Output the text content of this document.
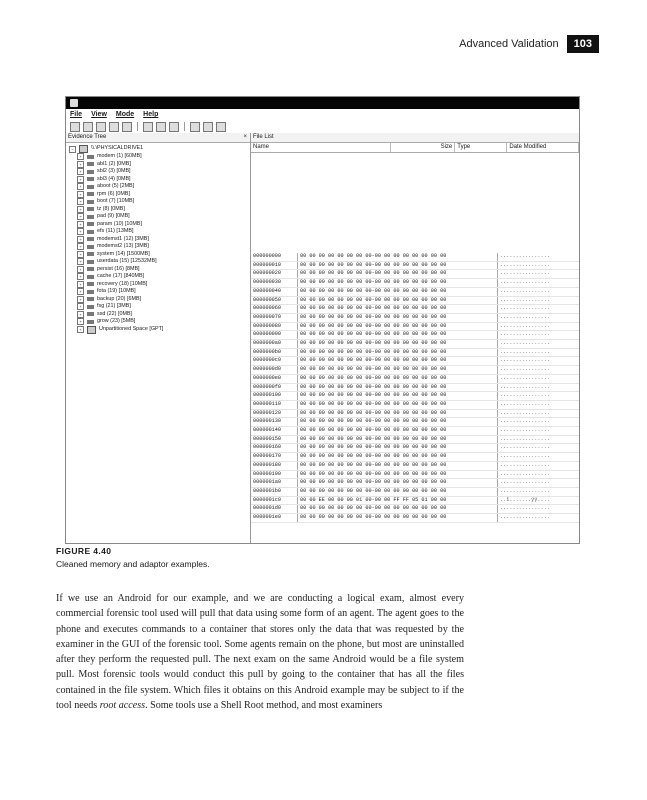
Advanced Validation	103
File View Mode Help
Evidence Tree	×
−	\\.\PHYSICALDRIVE1
+	modem (1) [60MB]
+	abl1 (2) [0MB]
+	sbl2 (3) [0MB]
+	sbl3 (4) [0MB]
+	aboot (5) [2MB]
+	rpm (6) [0MB]
+	boot (7) [10MB]
+	tz (8) [0MB]
+	pad (9) [0MB]
+	param (10) [10MB]
+	efs (11) [13MB]
+	modemst1 (12) [3MB]
+	modemst2 (13) [3MB]
+	system (14) [1500MB]
+	userdata (15) [12532MB]
+	persist (16) [8MB]
+	cache (17) [840MB]
+	recovery (18) [10MB]
+	fota (19) [10MB]
+	backup (20) [6MB]
+	fsg (21) [3MB]
+	ssd (22) [0MB]
+	grow (23) [5MB]
+	Unpartitioned Space [GPT]
File List
Name	Size Type	Date Modified
000000000	00 00 00 00 00 00 00 00-00 00 00 00 00 00 00 00	................
000000010	00 00 00 00 00 00 00 00-00 00 00 00 00 00 00 00	................
000000020	00 00 00 00 00 00 00 00-00 00 00 00 00 00 00 00	................
000000030	00 00 00 00 00 00 00 00-00 00 00 00 00 00 00 00	................
000000040	00 00 00 00 00 00 00 00-00 00 00 00 00 00 00 00	................
000000050	00 00 00 00 00 00 00 00-00 00 00 00 00 00 00 00	................
000000060	00 00 00 00 00 00 00 00-00 00 00 00 00 00 00 00	................
000000070	00 00 00 00 00 00 00 00-00 00 00 00 00 00 00 00	................
000000080	00 00 00 00 00 00 00 00-00 00 00 00 00 00 00 00	................
000000090	00 00 00 00 00 00 00 00-00 00 00 00 00 00 00 00	................
0000000a0	00 00 00 00 00 00 00 00-00 00 00 00 00 00 00 00	................
0000000b0	00 00 00 00 00 00 00 00-00 00 00 00 00 00 00 00	................
0000000c0	00 00 00 00 00 00 00 00-00 00 00 00 00 00 00 00	................
0000000d0	00 00 00 00 00 00 00 00-00 00 00 00 00 00 00 00	................
0000000e0	00 00 00 00 00 00 00 00-00 00 00 00 00 00 00 00	................
0000000f0	00 00 00 00 00 00 00 00-00 00 00 00 00 00 00 00	................
000000100	00 00 00 00 00 00 00 00-00 00 00 00 00 00 00 00	................
000000110	00 00 00 00 00 00 00 00-00 00 00 00 00 00 00 00	................
000000120	00 00 00 00 00 00 00 00-00 00 00 00 00 00 00 00	................
000000130	00 00 00 00 00 00 00 00-00 00 00 00 00 00 00 00	................
000000140	00 00 00 00 00 00 00 00-00 00 00 00 00 00 00 00	................
000000150	00 00 00 00 00 00 00 00-00 00 00 00 00 00 00 00	................
000000160	00 00 00 00 00 00 00 00-00 00 00 00 00 00 00 00	................
000000170	00 00 00 00 00 00 00 00-00 00 00 00 00 00 00 00	................
000000180	00 00 00 00 00 00 00 00-00 00 00 00 00 00 00 00	................
000000190	00 00 00 00 00 00 00 00-00 00 00 00 00 00 00 00	................
0000001a0	00 00 00 00 00 00 00 00-00 00 00 00 00 00 00 00	................
0000001b0	00 00 00 00 00 00 00 00-00 00 00 00 00 00 00 00	................
0000001c0	00 00 EE 00 00 00 01 00-00 00 FF FF 05 01 00 00	..î.......ÿÿ....
0000001d0	00 00 00 00 00 00 00 00-00 00 00 00 00 00 00 00	................
0000001e0	00 00 00 00 00 00 00 00-00 00 00 00 00 00 00 00	................
FIGURE 4.40
Cleaned memory and adaptor examples.

If we use an Android for our example, and we are conducting a logical exam, almost every commercial forensic tool used will pull that data using some form of an agent. The agent goes to the phone and executes commands to a container that stores only the data that was requested by the examiner in the GUI of the forensic tool. Some agents remain on the phone, but most are uninstalled after they perform the requested pull. The next exam on the same Android would be a file system pull. Most forensic tools would conduct this pull by going to the container that has all the files contained in the file system. Which files it obtains on this Android example may be subject to if the tool needs root access. Some tools use a Shell Root method, and most examiners
